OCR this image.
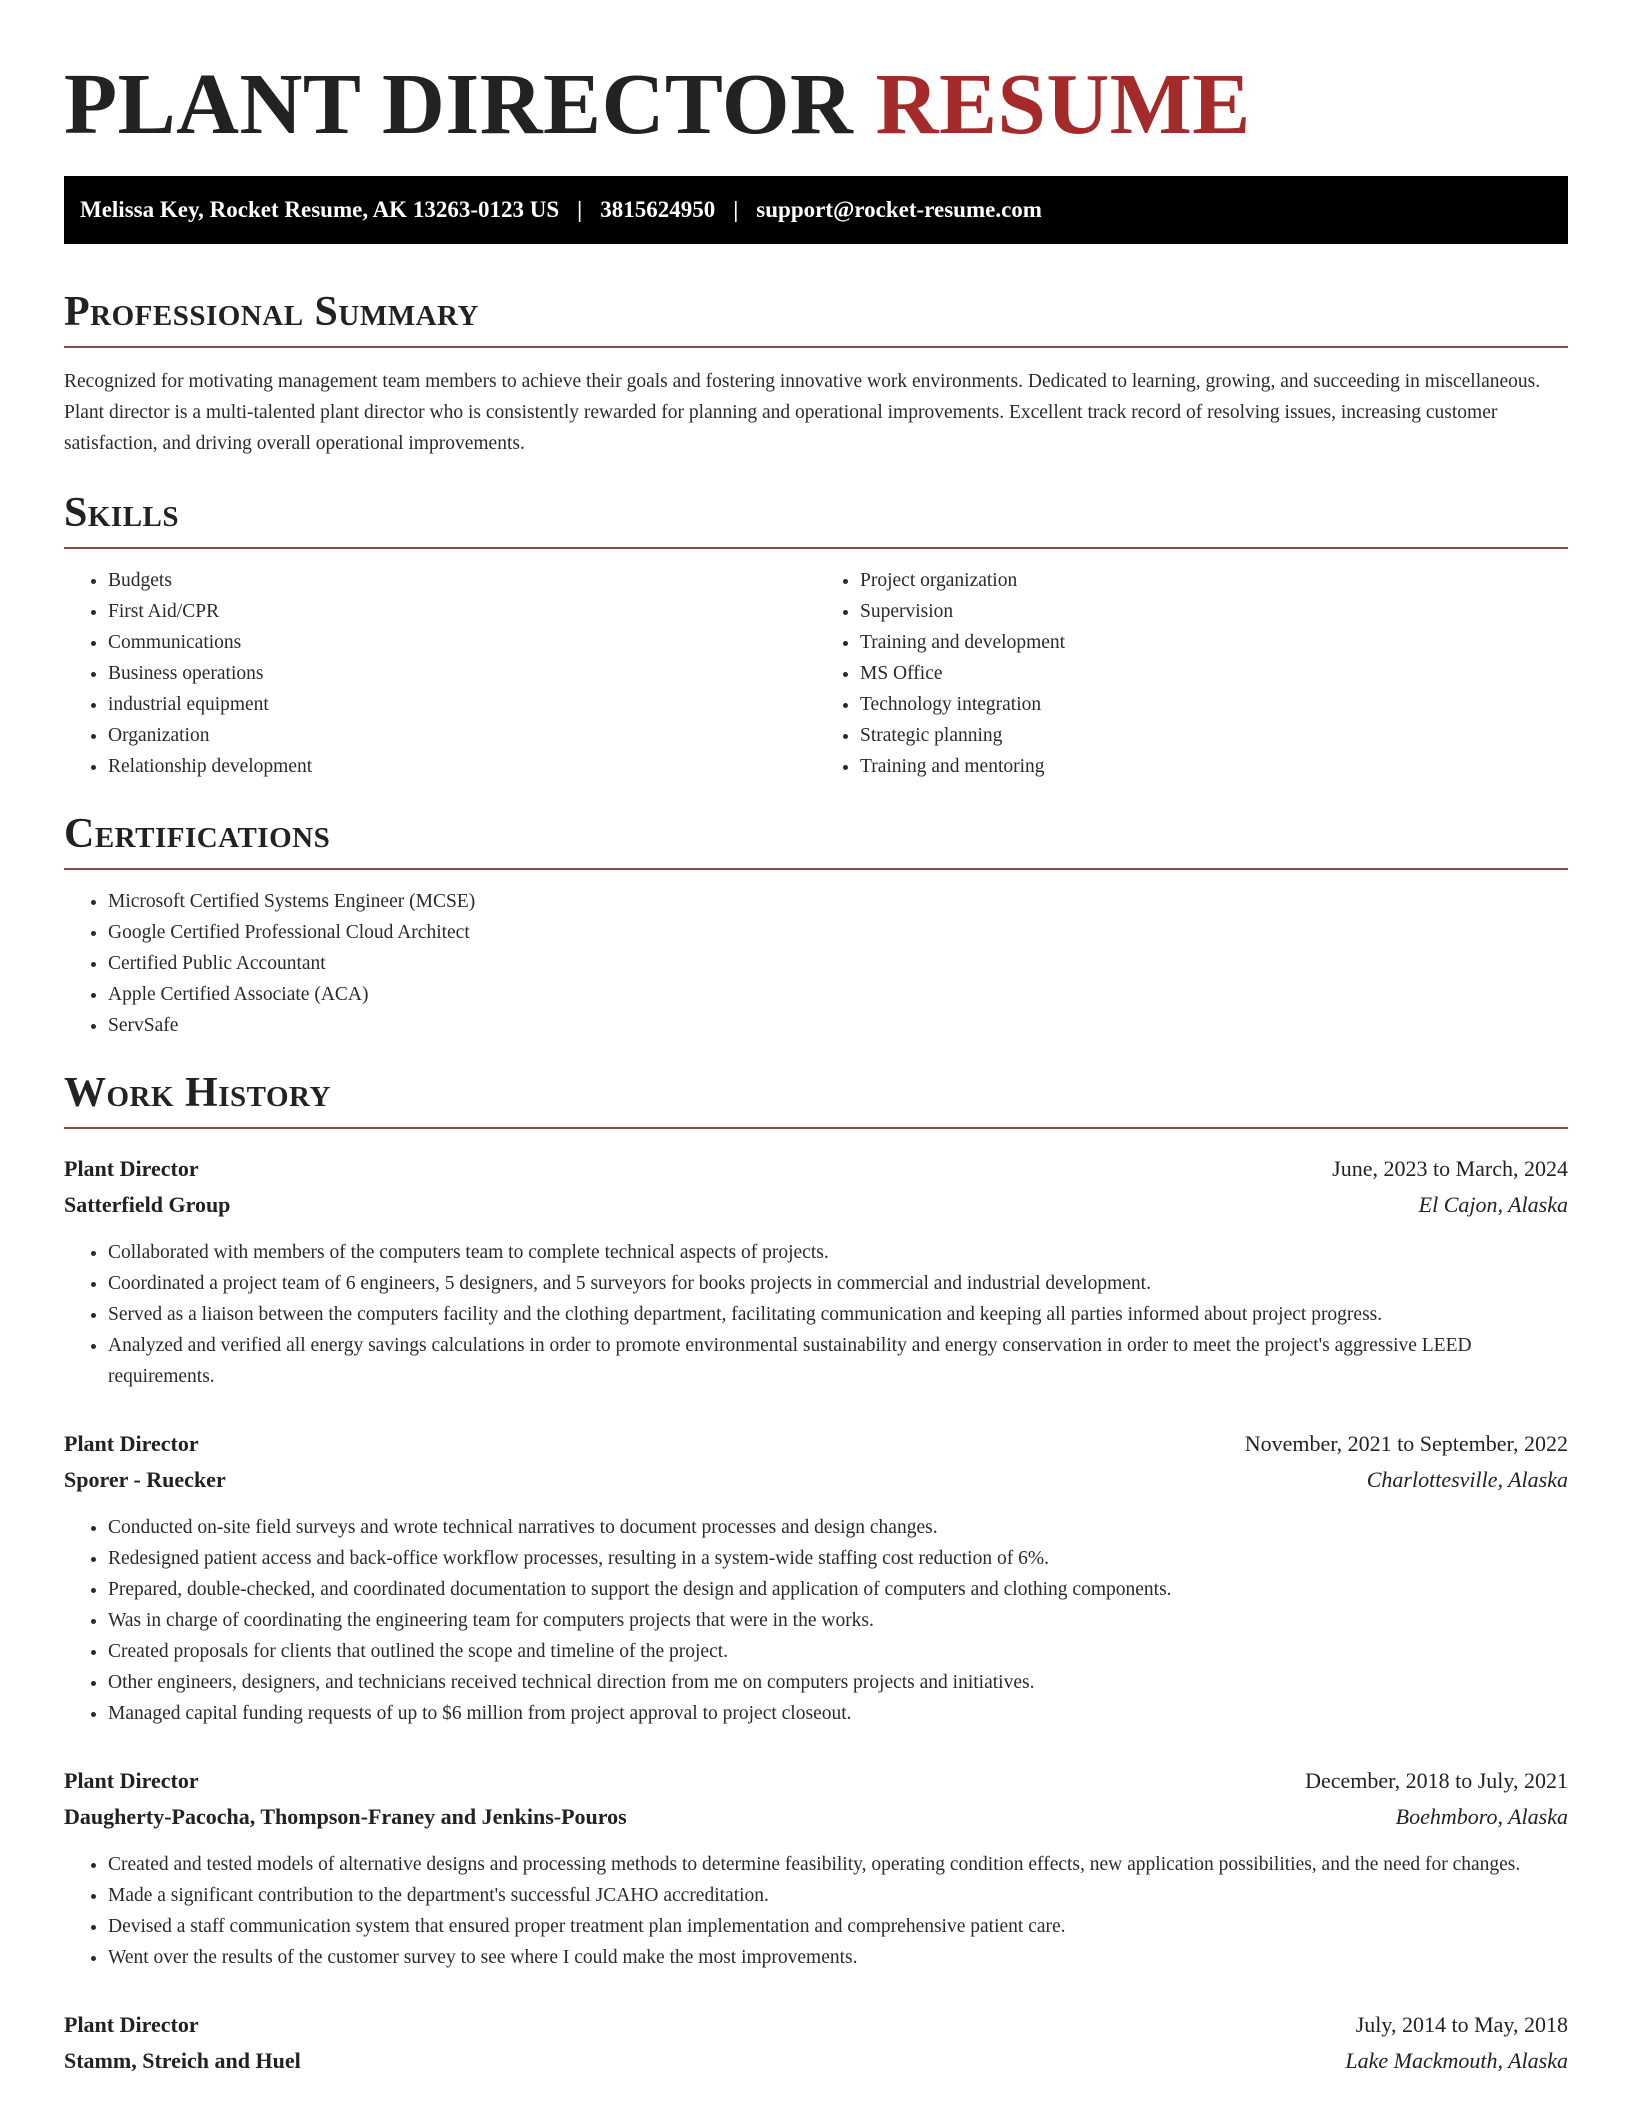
PLANT DIRECTOR RESUME
Melissa Key, Rocket Resume, AK 13263-0123 US | 3815624950 | support@rocket-resume.com
Professional Summary

Recognized for motivating management team members to achieve their goals and fostering innovative work environments. Dedicated to learning, growing, and succeeding in miscellaneous. Plant director is a multi-talented plant director who is consistently rewarded for planning and operational improvements. Excellent track record of resolving issues, increasing customer satisfaction, and driving overall operational improvements.

Skills
• Budgets
• First Aid/CPR
• Communications
• Business operations
• industrial equipment
• Organization
• Relationship development
• Project organization
• Supervision
• Training and development
• MS Office
• Technology integration
• Strategic planning
• Training and mentoring
Certifications
• Microsoft Certified Systems Engineer (MCSE)
• Google Certified Professional Cloud Architect
• Certified Public Accountant
• Apple Certified Associate (ACA)
• ServSafe
Work History
Plant Director	June, 2023 to March, 2024
Satterfield Group	El Cajon, Alaska
• Collaborated with members of the computers team to complete technical aspects of projects.
• Coordinated a project team of 6 engineers, 5 designers, and 5 surveyors for books projects in commercial and industrial development.
• Served as a liaison between the computers facility and the clothing department, facilitating communication and keeping all parties informed about project progress.
• Analyzed and verified all energy savings calculations in order to promote environmental sustainability and energy conservation in order to meet the project's aggressive LEED requirements.
Plant Director	November, 2021 to September, 2022
Sporer - Ruecker	Charlottesville, Alaska
• Conducted on-site field surveys and wrote technical narratives to document processes and design changes.
• Redesigned patient access and back-office workflow processes, resulting in a system-wide staffing cost reduction of 6%.
• Prepared, double-checked, and coordinated documentation to support the design and application of computers and clothing components.
• Was in charge of coordinating the engineering team for computers projects that were in the works.
• Created proposals for clients that outlined the scope and timeline of the project.
• Other engineers, designers, and technicians received technical direction from me on computers projects and initiatives.
• Managed capital funding requests of up to $6 million from project approval to project closeout.
Plant Director	December, 2018 to July, 2021
Daugherty-Pacocha, Thompson-Franey and Jenkins-Pouros	Boehmboro, Alaska
• Created and tested models of alternative designs and processing methods to determine feasibility, operating condition effects, new application possibilities, and the need for changes.
• Made a significant contribution to the department's successful JCAHO accreditation.
• Devised a staff communication system that ensured proper treatment plan implementation and comprehensive patient care.
• Went over the results of the customer survey to see where I could make the most improvements.
Plant Director	July, 2014 to May, 2018
Stamm, Streich and Huel	Lake Mackmouth, Alaska
